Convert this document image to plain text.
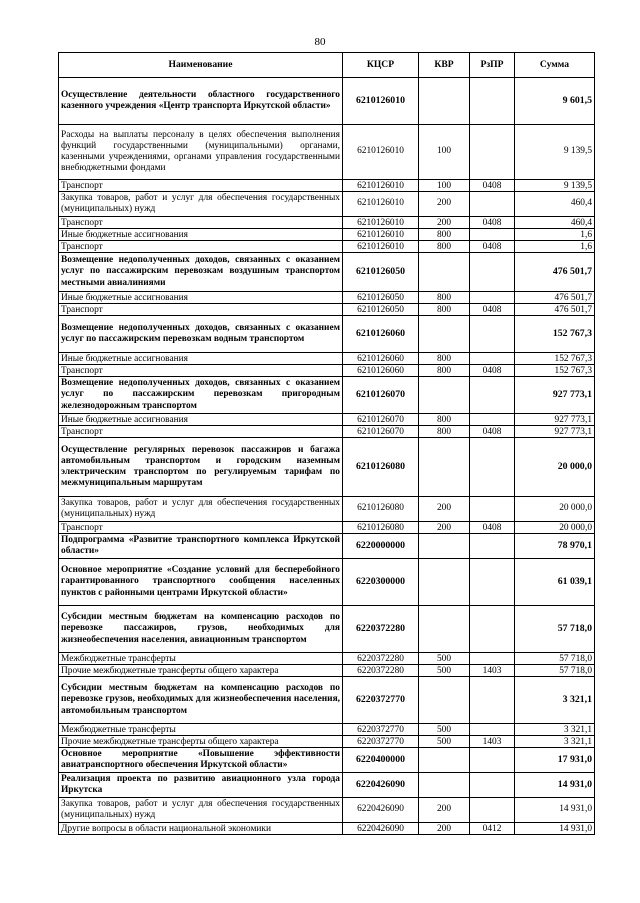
80
Наименование	КЦСР	КВР	РзПР	Сумма
Осуществление деятельности областного государственного казенного учреждения «Центр транспорта Иркутской области»	6210126010			9 601,5
Расходы на выплаты персоналу в целях обеспечения выполнения функций государственными (муниципальными) органами, казенными учреждениями, органами управления государственными внебюджетными фондами	6210126010	100		9 139,5
Транспорт	6210126010	100	0408	9 139,5
Закупка товаров, работ и услуг для обеспечения государственных (муниципальных) нужд	6210126010	200		460,4
Транспорт	6210126010	200	0408	460,4
Иные бюджетные ассигнования	6210126010	800		1,6
Транспорт	6210126010	800	0408	1,6
Возмещение недополученных доходов, связанных с оказанием услуг по пассажирским перевозкам воздушным транспортом местными авиалиниями	6210126050			476 501,7
Иные бюджетные ассигнования	6210126050	800		476 501,7
Транспорт	6210126050	800	0408	476 501,7
Возмещение недополученных доходов, связанных с оказанием услуг по пассажирским перевозкам водным транспортом	6210126060			152 767,3
Иные бюджетные ассигнования	6210126060	800		152 767,3
Транспорт	6210126060	800	0408	152 767,3
Возмещение недополученных доходов, связанных с оказанием услуг по пассажирским перевозкам пригородным железнодорожным транспортом	6210126070			927 773,1
Иные бюджетные ассигнования	6210126070	800		927 773,1
Транспорт	6210126070	800	0408	927 773,1
Осуществление регулярных перевозок пассажиров и багажа автомобильным транспортом и городским наземным электрическим транспортом по регулируемым тарифам по межмуниципальным маршрутам	6210126080			20 000,0
Закупка товаров, работ и услуг для обеспечения государственных (муниципальных) нужд	6210126080	200		20 000,0
Транспорт	6210126080	200	0408	20 000,0
Подпрограмма «Развитие транспортного комплекса Иркутской области»	6220000000			78 970,1
Основное мероприятие «Создание условий для бесперебойного гарантированного транспортного сообщения населенных пунктов с районными центрами Иркутской области»	6220300000			61 039,1
Субсидии местным бюджетам на компенсацию расходов по перевозке пассажиров, грузов, необходимых для жизнеобеспечения населения, авиационным транспортом	6220372280			57 718,0
Межбюджетные трансферты	6220372280	500		57 718,0
Прочие межбюджетные трансферты общего характера	6220372280	500	1403	57 718,0
Субсидии местным бюджетам на компенсацию расходов по перевозке грузов, необходимых для жизнеобеспечения населения, автомобильным транспортом	6220372770			3 321,1
Межбюджетные трансферты	6220372770	500		3 321,1
Прочие межбюджетные трансферты общего характера	6220372770	500	1403	3 321,1
Основное мероприятие «Повышение эффективности авиатранспортного обеспечения Иркутской области»	6220400000			17 931,0
Реализация проекта по развитию авиационного узла города Иркутска	6220426090			14 931,0
Закупка товаров, работ и услуг для обеспечения государственных (муниципальных) нужд	6220426090	200		14 931,0
Другие вопросы в области национальной экономики	6220426090	200	0412	14 931,0
